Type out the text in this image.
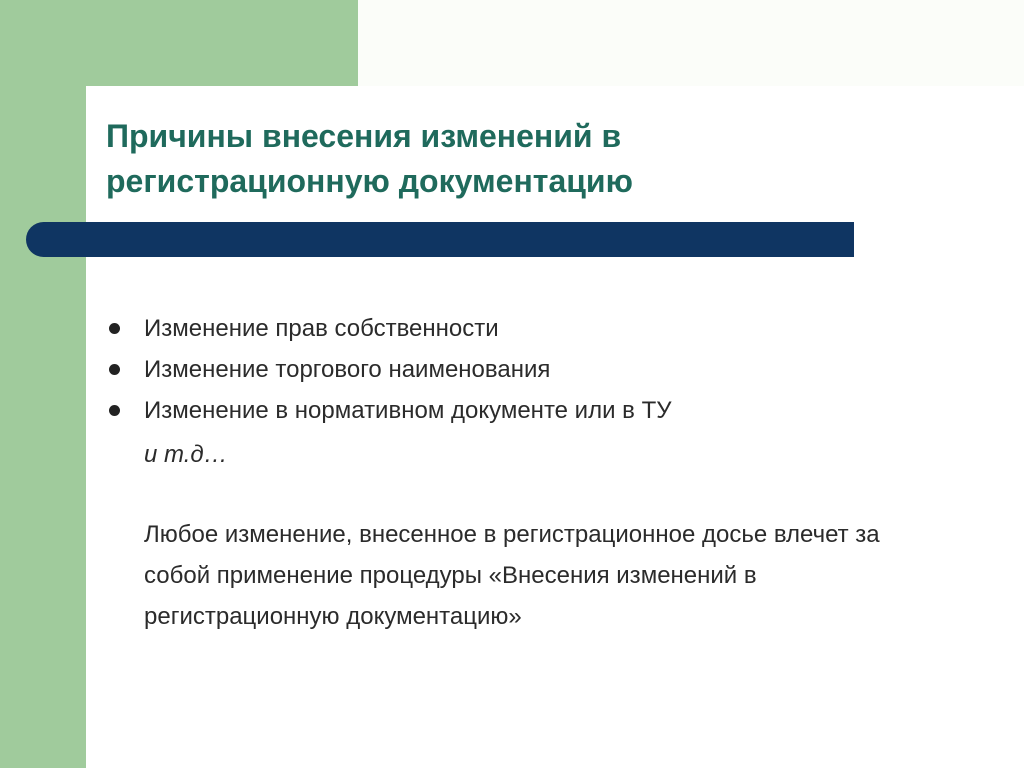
Причины внесения изменений в регистрационную документацию
Изменение прав собственности
Изменение торгового наименования
Изменение в нормативном документе или в ТУ

и т.д…

Любое изменение, внесенное в регистрационное досье влечет за собой применение процедуры «Внесения изменений в регистрационную документацию»
